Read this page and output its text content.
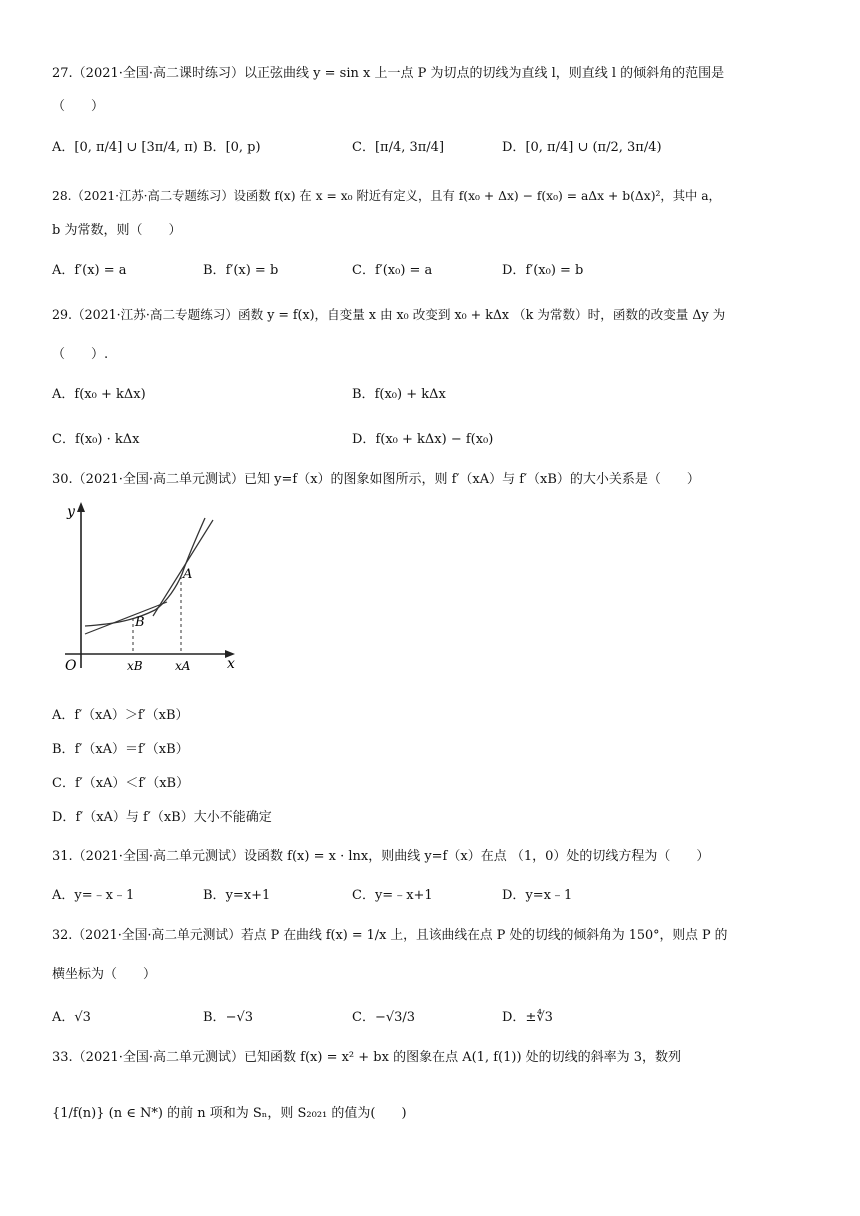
27.（2021·全国·高二课时练习）以正弦曲线 y = sin x 上一点 P 为切点的切线为直线 l，则直线 l 的倾斜角的范围是
（　　）
A．[0, π/4] ∪ [3π/4, π) B．[0, p)	C．[π/4, 3π/4]	D．[0, π/4] ∪ (π/2, 3π/4)
28.（2021·江苏·高二专题练习）设函数 f(x) 在 x = x₀ 附近有定义，且有 f(x₀ + Δx) − f(x₀) = aΔx + b(Δx)²，其中 a，
b 为常数，则（　　）
A．f′(x) = a	B．f′(x) = b	C．f′(x₀) = a	D．f′(x₀) = b
29.（2021·江苏·高二专题练习）函数 y = f(x)，自变量 x 由 x₀ 改变到 x₀ + kΔx （k 为常数）时，函数的改变量 Δy 为
（　　）.
A．f(x₀ + kΔx)	B．f(x₀) + kΔx
C．f(x₀) · kΔx	D．f(x₀ + kΔx) − f(x₀)
30.（2021·全国·高二单元测试）已知 y=f（x）的图象如图所示，则 f′（xA）与 f′（xB）的大小关系是（　　）
y
x
O
A
B
xB	xA
A．f′（xA）＞f′（xB）
B．f′（xA）＝f′（xB）
C．f′（xA）＜f′（xB）
D．f′（xA）与 f′（xB）大小不能确定
31.（2021·全国·高二单元测试）设函数 f(x) = x · lnx，则曲线 y=f（x）在点 （1，0）处的切线方程为（　　）
A．y=﹣x﹣1	B．y=x+1	C．y=﹣x+1	D．y=x﹣1
32.（2021·全国·高二单元测试）若点 P 在曲线 f(x) = 1/x 上，且该曲线在点 P 处的切线的倾斜角为 150°，则点 P 的
横坐标为（　　）
A．√3	B．−√3	C．−√3/3	D．±∜3
33.（2021·全国·高二单元测试）已知函数 f(x) = x² + bx 的图象在点 A(1, f(1)) 处的切线的斜率为 3，数列
{1/f(n)} (n ∈ N*) 的前 n 项和为 Sₙ，则 S₂₀₂₁ 的值为(　　)
